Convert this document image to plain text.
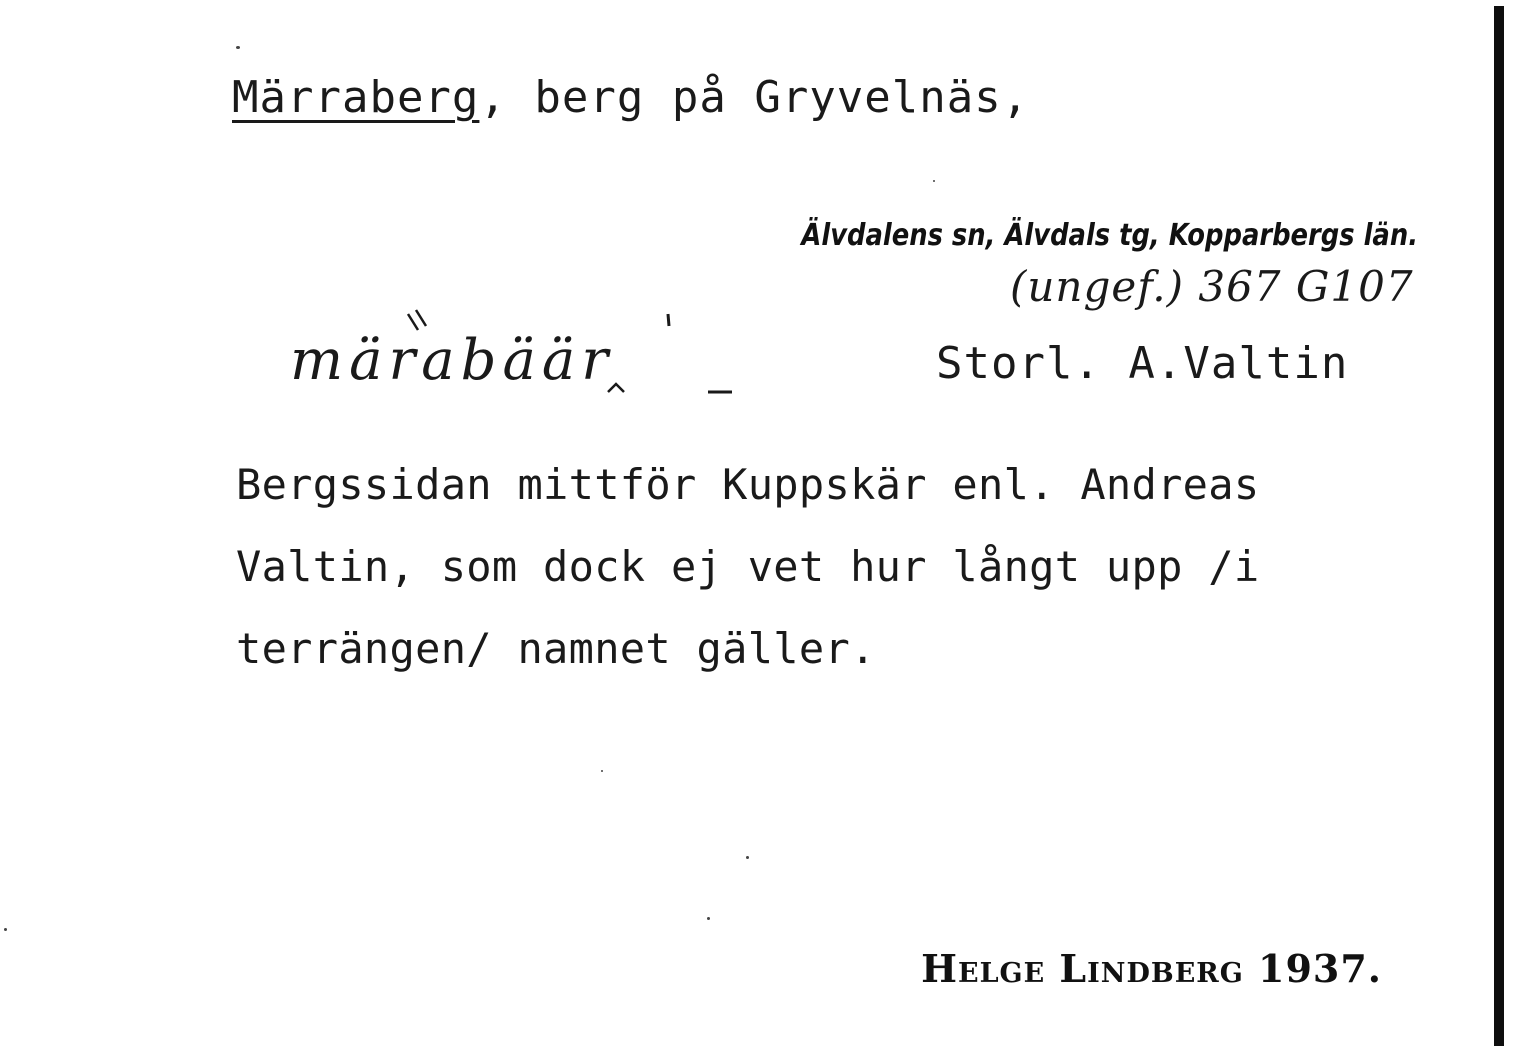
Märraberg, berg på Gryvelnäs,
Älvdalens sn, Älvdals tg, Kopparbergs län.
(ungef.) 367 G107
märabäär	Storl. A.Valtin
Bergssidan mittför Kuppskär enl. Andreas
Valtin, som dock ej vet hur långt upp /i
terrängen/ namnet gäller.
Helge Lindberg 1937.
